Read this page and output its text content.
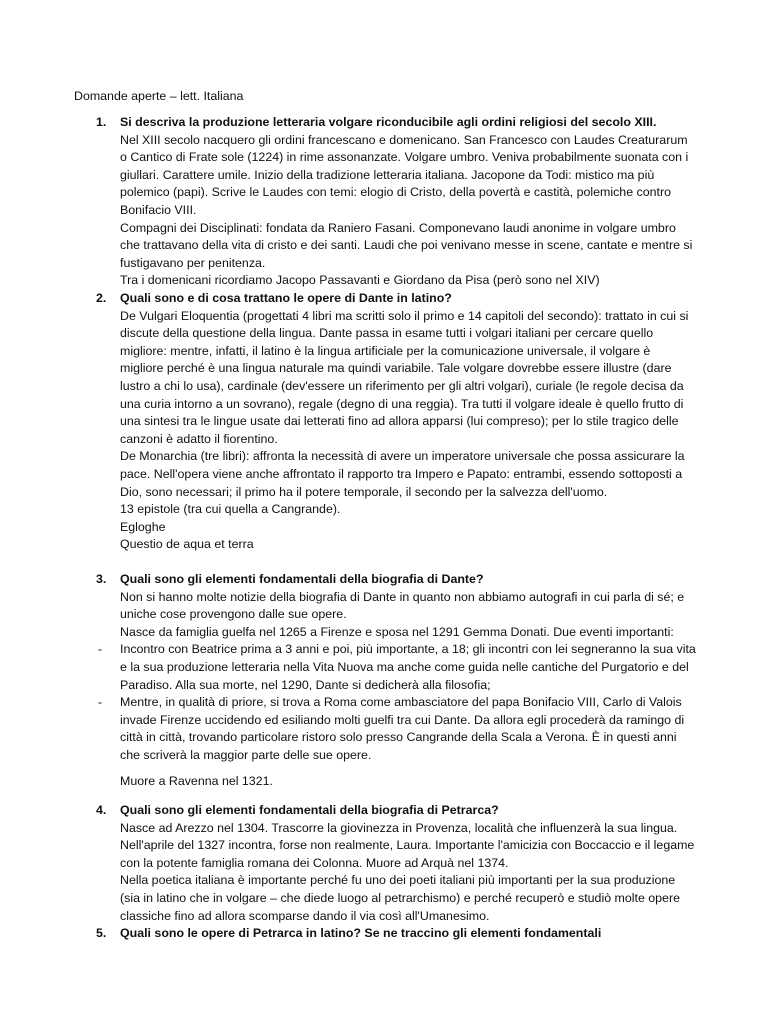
Domande aperte – lett. Italiana
1.	Si descriva la produzione letteraria volgare riconducibile agli ordini religiosi del secolo XIII.

Nel XIII secolo nacquero gli ordini francescano e domenicano. San Francesco con Laudes Creaturarum o Cantico di Frate sole (1224) in rime assonanzate. Volgare umbro. Veniva probabilmente suonata con i giullari. Carattere umile. Inizio della tradizione letteraria italiana. Jacopone da Todi: mistico ma più polemico (papi). Scrive le Laudes con temi: elogio di Cristo, della povertà e castità, polemiche contro Bonifacio VIII.

Compagni dei Disciplinati: fondata da Raniero Fasani. Componevano laudi anonime in volgare umbro che trattavano della vita di cristo e dei santi. Laudi che poi venivano messe in scene, cantate e mentre si fustigavano per penitenza.

Tra i domenicani ricordiamo Jacopo Passavanti e Giordano da Pisa (però sono nel XIV)

2.	Quali sono e di cosa trattano le opere di Dante in latino?

De Vulgari Eloquentia (progettati 4 libri ma scritti solo il primo e 14 capitoli del secondo): trattato in cui si discute della questione della lingua. Dante passa in esame tutti i volgari italiani per cercare quello migliore: mentre, infatti, il latino è la lingua artificiale per la comunicazione universale, il volgare è migliore perché è una lingua naturale ma quindi variabile. Tale volgare dovrebbe essere illustre (dare lustro a chi lo usa), cardinale (dev'essere un riferimento per gli altri volgari), curiale (le regole decisa da una curia intorno a un sovrano), regale (degno di una reggia). Tra tutti il volgare ideale è quello frutto di una sintesi tra le lingue usate dai letterati fino ad allora apparsi (lui compreso); per lo stile tragico delle canzoni è adatto il fiorentino.

De Monarchia (tre libri): affronta la necessità di avere un imperatore universale che possa assicurare la pace. Nell'opera viene anche affrontato il rapporto tra Impero e Papato: entrambi, essendo sottoposti a Dio, sono necessari; il primo ha il potere temporale, il secondo per la salvezza dell'uomo.

13 epistole (tra cui quella a Cangrande).

Egloghe

Questio de aqua et terra

3.	Quali sono gli elementi fondamentali della biografia di Dante?

Non si hanno molte notizie della biografia di Dante in quanto non abbiamo autografi in cui parla di sé; e uniche cose provengono dalle sue opere.

Nasce da famiglia guelfa nel 1265 a Firenze e sposa nel 1291 Gemma Donati. Due eventi importanti:

- Incontro con Beatrice prima a 3 anni e poi, più importante, a 18; gli incontri con lei segneranno la sua vita e la sua produzione letteraria nella Vita Nuova ma anche come guida nelle cantiche del Purgatorio e del Paradiso. Alla sua morte, nel 1290, Dante si dedicherà alla filosofia;
- Mentre, in qualità di priore, si trova a Roma come ambasciatore del papa Bonifacio VIII, Carlo di Valois invade Firenze uccidendo ed esiliando molti guelfi tra cui Dante. Da allora egli procederà da ramingo di città in città, trovando particolare ristoro solo presso Cangrande della Scala a Verona. È in questi anni che scriverà la maggior parte delle sue opere.

Muore a Ravenna nel 1321.

4.	Quali sono gli elementi fondamentali della biografia di Petrarca?

Nasce ad Arezzo nel 1304. Trascorre la giovinezza in Provenza, località che influenzerà la sua lingua. Nell'aprile del 1327 incontra, forse non realmente, Laura. Importante l'amicizia con Boccaccio e il legame con la potente famiglia romana dei Colonna. Muore ad Arquà nel 1374.

Nella poetica italiana è importante perché fu uno dei poeti italiani più importanti per la sua produzione (sia in latino che in volgare – che diede luogo al petrarchismo) e perché recuperò e studiò molte opere classiche fino ad allora scomparse dando il via così all'Umanesimo.

5.	Quali sono le opere di Petrarca in latino? Se ne traccino gli elementi fondamentali
